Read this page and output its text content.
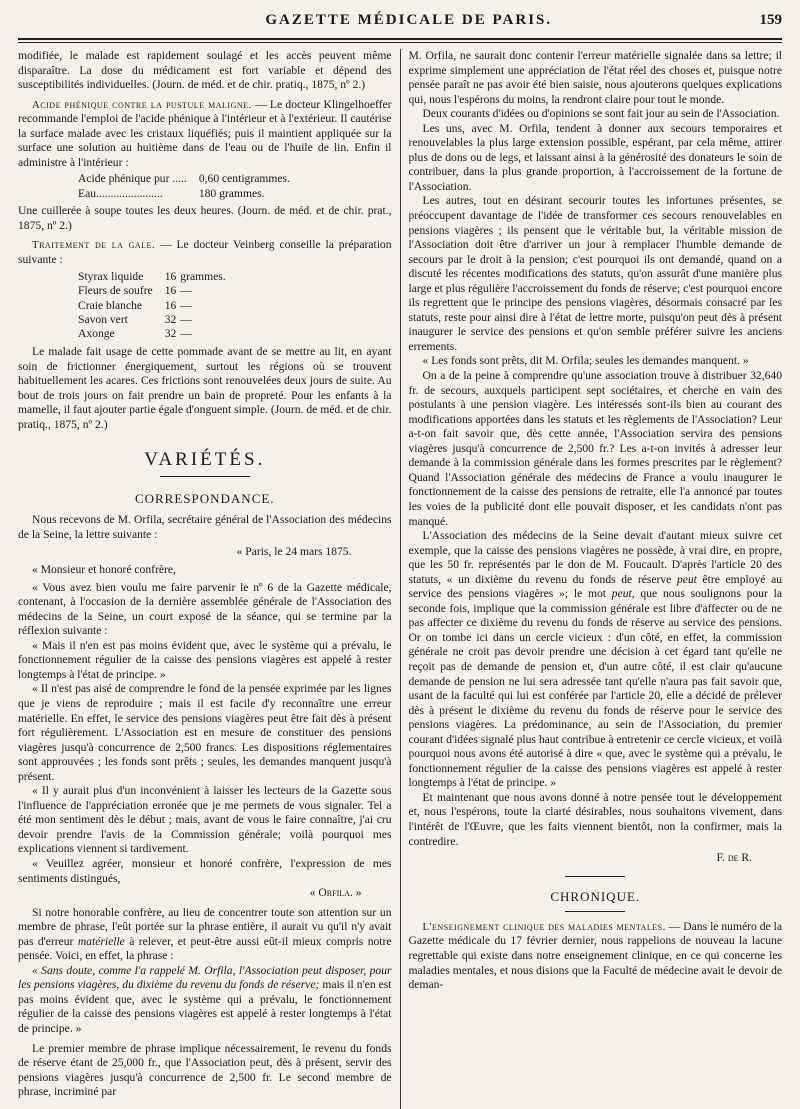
GAZETTE MÉDICALE DE PARIS.	159

modifiée, le malade est rapidement soulagé et les accès peuvent même disparaître. La dose du médicament est fort variable et dépend des susceptibilités individuelles. (Journ. de méd. et de chir. pratiq., 1875, nº 2.)

Acide phénique contre la pustule maligne. — Le docteur Klingelhoeffer recommande l'emploi de l'acide phénique à l'intérieur et à l'extérieur. Il cautérise la surface malade avec les cristaux liquéfiés; puis il maintient appliquée sur la surface une solution au huitième dans de l'eau ou de l'huile de lin. Enfin il administre à l'intérieur :

Acide phénique pur .....	0,60 centigrammes.
Eau.......................	180 grammes.

Une cuillerée à soupe toutes les deux heures. (Journ. de méd. et de chir. prat., 1875, nº 2.)

Traitement de la gale. — Le docteur Veinberg conseille la préparation suivante :

Styrax liquide	16	grammes.
Fleurs de soufre	16	—
Craie blanche	16	—
Savon vert	32	—
Axonge	32	—

Le malade fait usage de cette pommade avant de se mettre au lit, en ayant soin de frictionner énergiquement, surtout les régions où se trouvent habituellement les acares. Ces frictions sont renouvelées deux jours de suite. Au bout de trois jours on fait prendre un bain de propreté. Pour les enfants à la mamelle, il faut ajouter partie égale d'onguent simple. (Journ. de méd. et de chir. pratiq., 1875, nº 2.)

VARIÉTÉS.
CORRESPONDANCE.

Nous recevons de M. Orfila, secrétaire général de l'Association des médecins de la Seine, la lettre suivante :

« Paris, le 24 mars 1875.

« Monsieur et honoré confrère,

« Vous avez bien voulu me faire parvenir le nº 6 de la Gazette médicale, contenant, à l'occasion de la dernière assemblée générale de l'Association des médecins de la Seine, un court exposé de la séance, qui se termine par la réflexion suivante :

« Mais il n'en est pas moins évident que, avec le système qui a prévalu, le fonctionnement régulier de la caisse des pensions viagères est appelé à rester longtemps à l'état de principe. »

« Il n'est pas aisé de comprendre le fond de la pensée exprimée par les lignes que je viens de reproduire ; mais il est facile d'y reconnaître une erreur matérielle. En effet, le service des pensions viagères peut être fait dès à présent fort régulièrement. L'Association est en mesure de constituer des pensions viagères jusqu'à concurrence de 2,500 francs. Les dispositions réglementaires sont approuvées ; les fonds sont prêts ; seules, les demandes manquent jusqu'à présent.

« Il y aurait plus d'un inconvénient à laisser les lecteurs de la Gazette sous l'influence de l'appréciation erronée que je me permets de vous signaler. Tel a été mon sentiment dès le début ; mais, avant de vous le faire connaître, j'ai cru devoir prendre l'avis de la Commission générale; voilà pourquoi mes explications viennent si tardivement.

« Veuillez agréer, monsieur et honoré confrère, l'expression de mes sentiments distingués,

« Orfila. »

Si notre honorable confrère, au lieu de concentrer toute son attention sur un membre de phrase, l'eût portée sur la phrase entière, il aurait vu qu'il n'y avait pas d'erreur matérielle à relever, et peut-être aussi eût-il mieux compris notre pensée. Voici, en effet, la phrase :

« Sans doute, comme l'a rappelé M. Orfila, l'Association peut disposer, pour les pensions viagères, du dixième du revenu du fonds de réserve; mais il n'en est pas moins évident que, avec le système qui a prévalu, le fonctionnement régulier de la caisse des pensions viagères est appelé à rester longtemps à l'état de principe. »

Le premier membre de phrase implique nécessairement, le revenu du fonds de réserve étant de 25,000 fr., que l'Association peut, dès à présent, servir des pensions viagères jusqu'à concurrence de 2,500 fr. Le second membre de phrase, incriminé par

M. Orfila, ne saurait donc contenir l'erreur matérielle signalée dans sa lettre; il exprime simplement une appréciation de l'état réel des choses et, puisque notre pensée paraît ne pas avoir été bien saisie, nous ajouterons quelques explications qui, nous l'espérons du moins, la rendront claire pour tout le monde.

Deux courants d'idées ou d'opinions se sont fait jour au sein de l'Association.

Les uns, avec M. Orfila, tendent à donner aux secours temporaires et renouvelables la plus large extension possible, espérant, par cela même, attirer plus de dons ou de legs, et laissant ainsi à la générosité des donateurs le soin de contribuer, dans la plus grande proportion, à l'accroissement de la fortune de l'Association.

Les autres, tout en désirant secourir toutes les infortunes présentes, se préoccupent davantage de l'idée de transformer ces secours renouvelables en pensions viagères ; ils pensent que le véritable but, la véritable mission de l'Association doit être d'arriver un jour à remplacer l'humble demande de secours par le droit à la pension; c'est pourquoi ils ont demandé, quand on a discuté les récentes modifications des statuts, qu'on assurât d'une manière plus large et plus régulière l'accroissement du fonds de réserve; c'est pourquoi encore ils regrettent que le principe des pensions viagères, désormais consacré par les statuts, reste pour ainsi dire à l'état de lettre morte, puisqu'on peut dès à présent inaugurer le service des pensions et qu'on semble préférer suivre les anciens errements.

« Les fonds sont prêts, dit M. Orfila; seules les demandes manquent. »

On a de la peine à comprendre qu'une association trouve à distribuer 32,640 fr. de secours, auxquels participent sept sociétaires, et cherche en vain des postulants à une pension viagère. Les intéressés sont-ils bien au courant des modifications apportées dans les statuts et les règlements de l'Association? Leur a-t-on fait savoir que, dès cette année, l'Association servira des pensions viagères jusqu'à concurrence de 2,500 fr.? Les a-t-on invités à adresser leur demande à la commission générale dans les formes prescrites par le règlement? Quand l'Association générale des médecins de France a voulu inaugurer le fonctionnement de la caisse des pensions de retraite, elle l'a annoncé par toutes les voies de la publicité dont elle pouvait disposer, et les candidats n'ont pas manqué.

L'Association des médecins de la Seine devait d'autant mieux suivre cet exemple, que la caisse des pensions viagères ne possède, à vrai dire, en propre, que les 50 fr. représentés par le don de M. Foucault. D'après l'article 20 des statuts, « un dixième du revenu du fonds de réserve peut être employé au service des pensions viagères »; le mot peut, que nous soulignons pour la seconde fois, implique que la commission générale est libre d'affecter ou de ne pas affecter ce dixième du revenu du fonds de réserve au service des pensions. Or on tombe ici dans un cercle vicieux : d'un côté, en effet, la commission générale ne croit pas devoir prendre une décision à cet égard tant qu'elle ne reçoit pas de demande de pension et, d'un autre côté, il est clair qu'aucune demande de pension ne lui sera adressée tant qu'elle n'aura pas fait savoir que, usant de la faculté qui lui est conférée par l'article 20, elle a décidé de prélever dès à présent le dixième du revenu du fonds de réserve pour le service des pensions viagères. La prédominance, au sein de l'Association, du premier courant d'idées signalé plus haut contribue à entretenir ce cercle vicieux, et voilà pourquoi nous avons été autorisé à dire « que, avec le système qui a prévalu, le fonctionnement régulier de la caisse des pensions viagères est appelé à rester longtemps à l'état de principe. »

Et maintenant que nous avons donné à notre pensée tout le développement et, nous l'espérons, toute la clarté désirables, nous souhaitons vivement, dans l'intérêt de l'Œuvre, que les faits viennent bientôt, non la confirmer, mais la contredire.

F. de R.

CHRONIQUE.

L'enseignement clinique des maladies mentales. — Dans le numéro de la Gazette médicale du 17 février dernier, nous rappelions de nouveau la lacune regrettable qui existe dans notre enseignement clinique, en ce qui concerne les maladies mentales, et nous disions que la Faculté de médecine avait le devoir de deman-
